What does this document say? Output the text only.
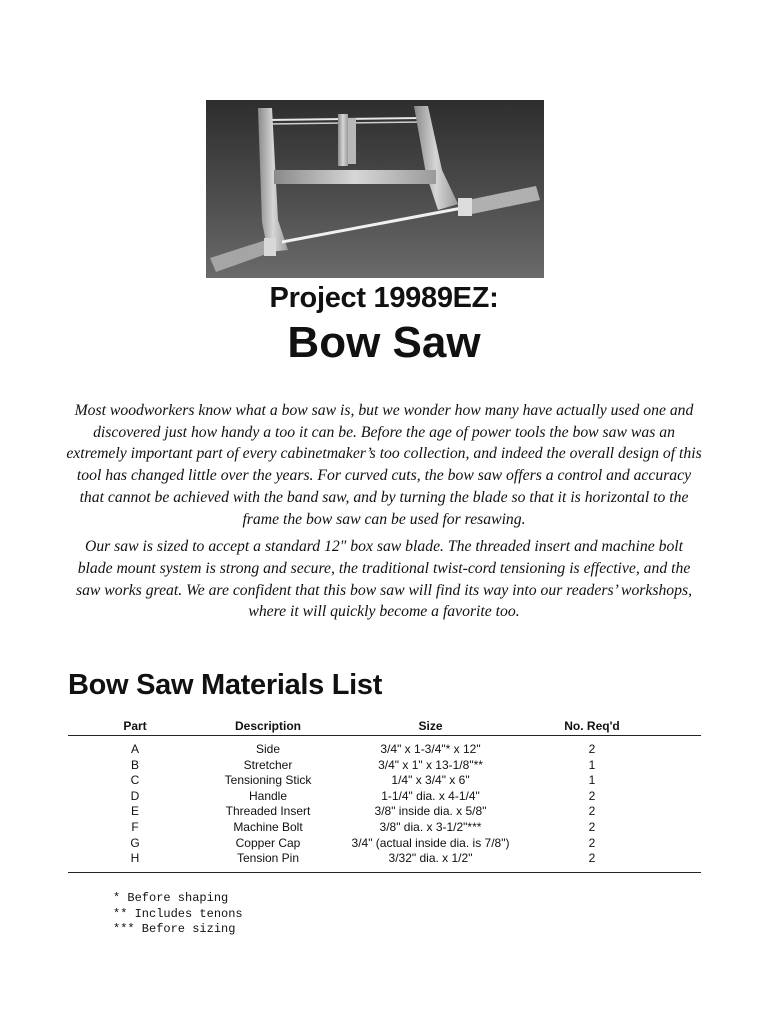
Project 19989EZ:
Bow Saw

Most woodworkers know what a bow saw is, but we wonder how many have actually used one and discovered just how handy a too it can be. Before the age of power tools the bow saw was an extremely important part of every cabinetmaker’s too collection, and indeed the overall design of this tool has changed little over the years. For curved cuts, the bow saw offers a control and accuracy that cannot be achieved with the band saw, and by turning the blade so that it is horizontal to the frame the bow saw can be used for resawing.

Our saw is sized to accept a standard 12" box saw blade. The threaded insert and machine bolt blade mount system is strong and secure, the traditional twist-cord tensioning is effective, and the saw works great. We are confident that this bow saw will find its way into our readers’ workshops, where it will quickly become a favorite too.

Bow Saw Materials List
Part	Description	Size	No. Req'd	
A	Side	3/4" x 1-3/4"* x 12"	2	
B	Stretcher	3/4" x 1" x 13-1/8"**	1	
C	Tensioning Stick	1/4" x 3/4" x 6"	1	
D	Handle	1-1/4" dia. x 4-1/4"	2	
E	Threaded Insert	3/8" inside dia. x 5/8"	2	
F	Machine Bolt	3/8" dia. x 3-1/2"***	2	
G	Copper Cap	3/4" (actual inside dia. is 7/8")	2	
H	Tension Pin	3/32" dia. x 1/2"	2	
* Before shaping
** Includes tenons
*** Before sizing
